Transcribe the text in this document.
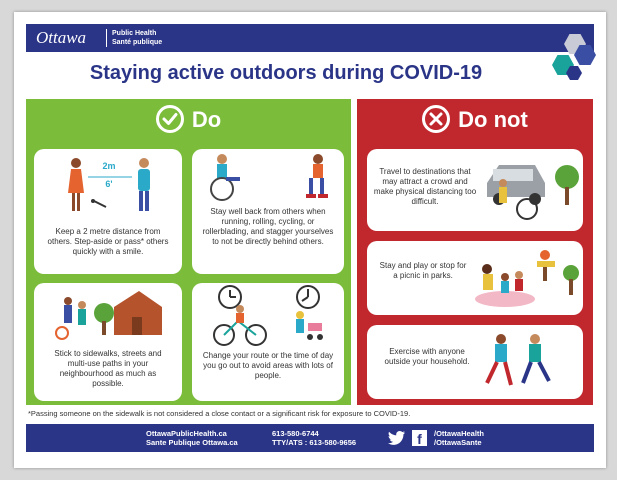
Ottawa	Public Health
Santé publique
Staying active outdoors during COVID-19
Do
2m
6'
Keep a 2 metre distance from others. Step-aside or pass* others quickly with a smile.
Stay well back from others when running, rolling, cycling, or rollerblading, and stagger yourselves to not be directly behind others.
Stick to sidewalks, streets and multi-use paths in your neighbourhood as much as possible.
Change your route or the time of day you go out to avoid areas with lots of people.
Do not
Travel to destinations that may attract a crowd and make physical distancing too difficult.
Stay and play or stop for a picnic in parks.
Exercise with anyone outside your household.
*Passing someone on the sidewalk is not considered a close contact or a significant risk for exposure to COVID-19.
OttawaPublicHealth.ca
Sante Publique Ottawa.ca
613-580-6744
TTY/ATS : 613-580-9656	f	/OttawaHealth
/OttawaSante
